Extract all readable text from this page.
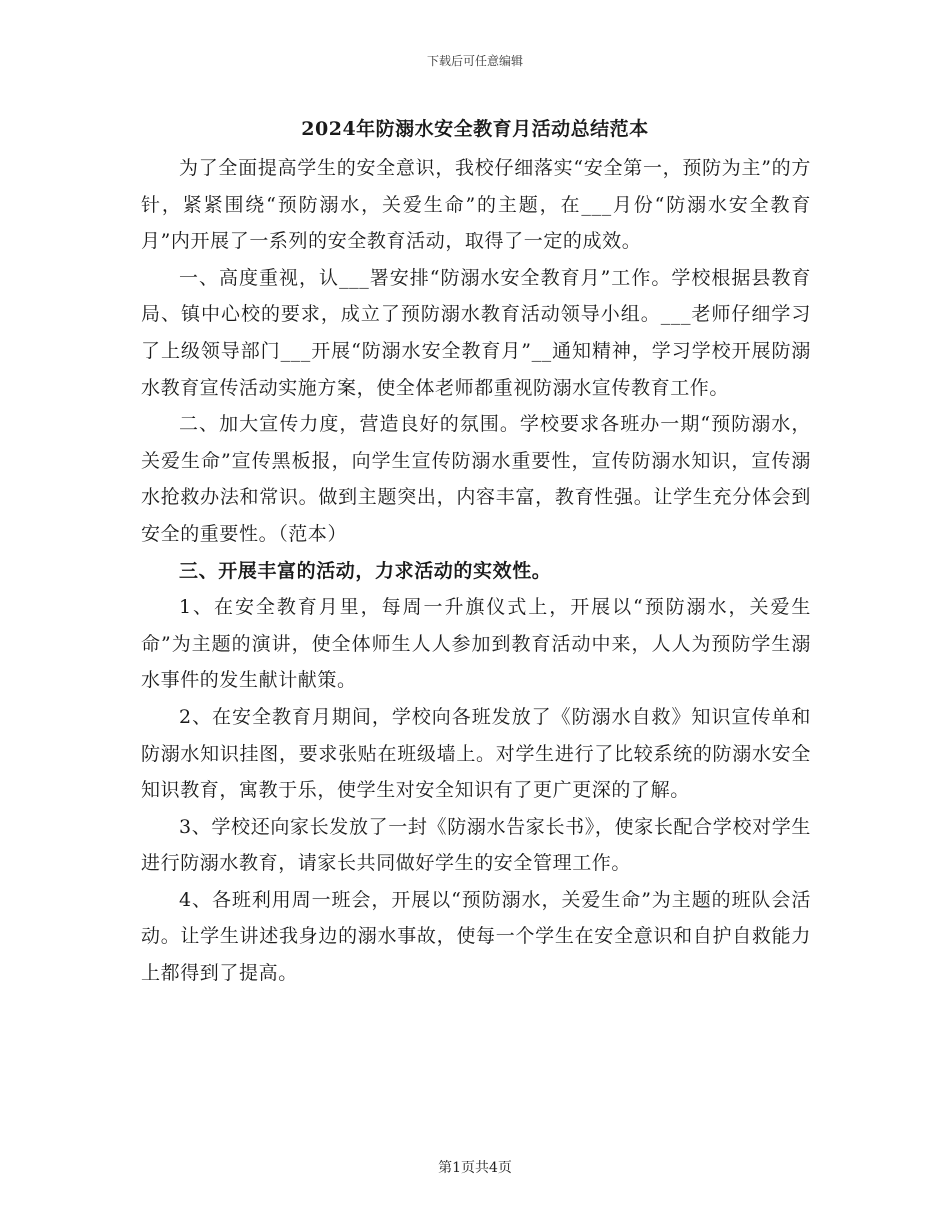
下载后可任意编辑
2024年防溺水安全教育月活动总结范本

为了全面提高学生的安全意识，我校仔细落实“安全第一，预防为主”的方针，紧紧围绕“预防溺水，关爱生命”的主题，在___月份“防溺水安全教育月”内开展了一系列的安全教育活动，取得了一定的成效。

一、高度重视，认___署安排“防溺水安全教育月”工作。学校根据县教育局、镇中心校的要求，成立了预防溺水教育活动领导小组。___老师仔细学习了上级领导部门___开展“防溺水安全教育月”__通知精神，学习学校开展防溺水教育宣传活动实施方案，使全体老师都重视防溺水宣传教育工作。

二、加大宣传力度，营造良好的氛围。学校要求各班办一期“预防溺水，关爱生命”宣传黑板报，向学生宣传防溺水重要性，宣传防溺水知识，宣传溺水抢救办法和常识。做到主题突出，内容丰富，教育性强。让学生充分体会到安全的重要性。（范本）

三、开展丰富的活动，力求活动的实效性。

1、在安全教育月里，每周一升旗仪式上，开展以“预防溺水，关爱生命”为主题的演讲，使全体师生人人参加到教育活动中来，人人为预防学生溺水事件的发生献计献策。

2、在安全教育月期间，学校向各班发放了《防溺水自救》知识宣传单和防溺水知识挂图，要求张贴在班级墙上。对学生进行了比较系统的防溺水安全知识教育，寓教于乐，使学生对安全知识有了更广更深的了解。

3、学校还向家长发放了一封《防溺水告家长书》，使家长配合学校对学生进行防溺水教育，请家长共同做好学生的安全管理工作。

4、各班利用周一班会，开展以“预防溺水，关爱生命”为主题的班队会活动。让学生讲述我身边的溺水事故，使每一个学生在安全意识和自护自救能力上都得到了提高。

第1页共4页
